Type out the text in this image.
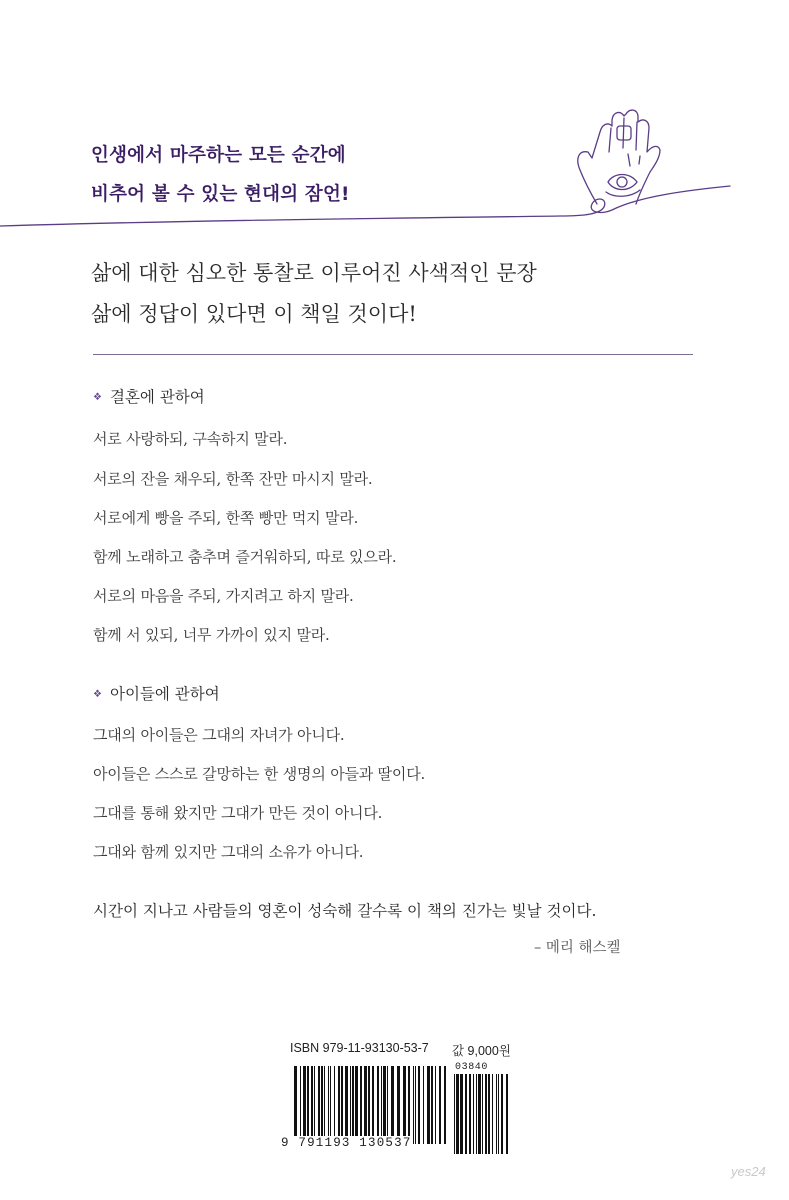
인생에서 마주하는 모든 순간에
비추어 볼 수 있는 현대의 잠언!
삶에 대한 심오한 통찰로 이루어진 사색적인 문장
삶에 정답이 있다면 이 책일 것이다!
❖ 결혼에 관하여
서로 사랑하되, 구속하지 말라.
서로의 잔을 채우되, 한쪽 잔만 마시지 말라.
서로에게 빵을 주되, 한쪽 빵만 먹지 말라.
함께 노래하고 춤추며 즐거워하되, 따로 있으라.
서로의 마음을 주되, 가지려고 하지 말라.
함께 서 있되, 너무 가까이 있지 말라.
❖ 아이들에 관하여
그대의 아이들은 그대의 자녀가 아니다.
아이들은 스스로 갈망하는 한 생명의 아들과 딸이다.
그대를 통해 왔지만 그대가 만든 것이 아니다.
그대와 함께 있지만 그대의 소유가 아니다.
시간이 지나고 사람들의 영혼이 성숙해 갈수록 이 책의 진가는 빛날 것이다.
– 메리 해스켈
ISBN 979-11-93130-53-7 값 9,000원
9 791193 130537
03840
yes24
